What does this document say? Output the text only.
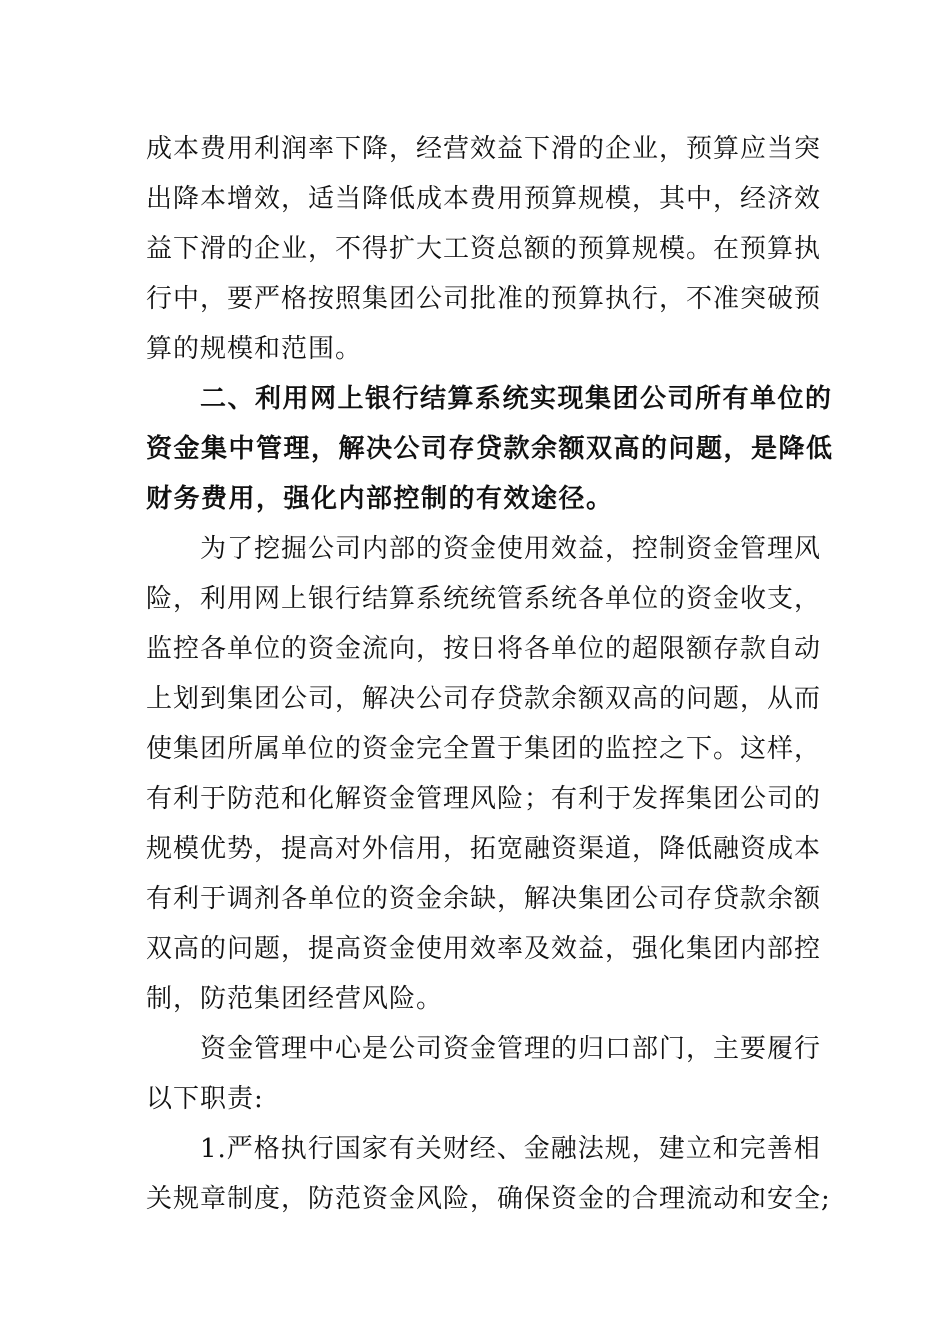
成本费用利润率下降，经营效益下滑的企业，预算应当突
出降本增效，适当降低成本费用预算规模，其中，经济效
益下滑的企业，不得扩大工资总额的预算规模。在预算执
行中，要严格按照集团公司批准的预算执行，不准突破预
算的规模和范围。
二、利用网上银行结算系统实现集团公司所有单位的
资金集中管理，解决公司存贷款余额双高的问题，是降低
财务费用，强化内部控制的有效途径。
为了挖掘公司内部的资金使用效益，控制资金管理风
险，利用网上银行结算系统统管系统各单位的资金收支，
监控各单位的资金流向，按日将各单位的超限额存款自动
上划到集团公司，解决公司存贷款余额双高的问题，从而
使集团所属单位的资金完全置于集团的监控之下。这样，
有利于防范和化解资金管理风险；有利于发挥集团公司的
规模优势，提高对外信用，拓宽融资渠道，降低融资成本
有利于调剂各单位的资金余缺，解决集团公司存贷款余额
双高的问题，提高资金使用效率及效益，强化集团内部控
制，防范集团经营风险。
资金管理中心是公司资金管理的归口部门，主要履行
以下职责:
1.严格执行国家有关财经、金融法规，建立和完善相
关规章制度，防范资金风险，确保资金的合理流动和安全;
